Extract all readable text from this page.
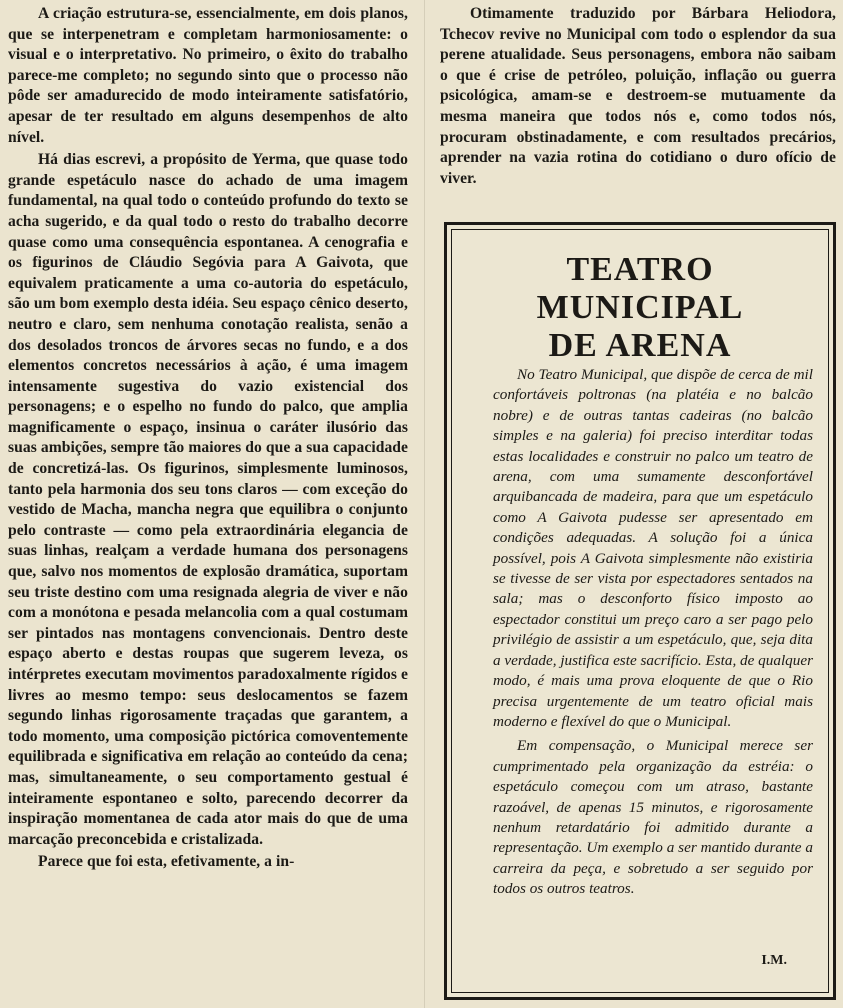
A criação estrutura-se, essencialmente, em dois planos, que se interpenetram e completam harmoniosamente: o visual e o interpretativo. No primeiro, o êxito do trabalho parece-me completo; no segundo sinto que o processo não pôde ser amadurecido de modo inteiramente satisfatório, apesar de ter resultado em alguns desempenhos de alto nível.

Há dias escrevi, a propósito de Yerma, que quase todo grande espetáculo nasce do achado de uma imagem fundamental, na qual todo o conteúdo profundo do texto se acha sugerido, e da qual todo o resto do trabalho decorre quase como uma consequência espontanea. A cenografia e os figurinos de Cláudio Segóvia para A Gaivota, que equivalem praticamente a uma co-autoria do espetáculo, são um bom exemplo desta idéia. Seu espaço cênico deserto, neutro e claro, sem nenhuma conotação realista, senão a dos desolados troncos de árvores secas no fundo, e a dos elementos concretos necessários à ação, é uma imagem intensamente sugestiva do vazio existencial dos personagens; e o espelho no fundo do palco, que amplia magnificamente o espaço, insinua o caráter ilusório das suas ambições, sempre tão maiores do que a sua capacidade de concretizá-las. Os figurinos, simplesmente luminosos, tanto pela harmonia dos seu tons claros — com exceção do vestido de Macha, mancha negra que equilibra o conjunto pelo contraste — como pela extraordinária elegancia de suas linhas, realçam a verdade humana dos personagens que, salvo nos momentos de explosão dramática, suportam seu triste destino com uma resignada alegria de viver e não com a monótona e pesada melancolia com a qual costumam ser pintados nas montagens convencionais. Dentro deste espaço aberto e destas roupas que sugerem leveza, os intérpretes executam movimentos paradoxalmente rígidos e livres ao mesmo tempo: seus deslocamentos se fazem segundo linhas rigorosamente traçadas que garantem, a todo momento, uma composição pictórica comoventemente equilibrada e significativa em relação ao conteúdo da cena; mas, simultaneamente, o seu comportamento gestual é inteiramente espontaneo e solto, parecendo decorrer da inspiração momentanea de cada ator mais do que de uma marcação preconcebida e cristalizada.

Parece que foi esta, efetivamente, a in-

Otimamente traduzido por Bárbara Heliodora, Tchecov revive no Municipal com todo o esplendor da sua perene atualidade. Seus personagens, embora não saibam o que é crise de petróleo, poluição, inflação ou guerra psicológica, amam-se e destroem-se mutuamente da mesma maneira que todos nós e, como todos nós, procuram obstinadamente, e com resultados precários, aprender na vazia rotina do cotidiano o duro ofício de viver.

TEATRO
MUNICIPAL
DE ARENA

No Teatro Municipal, que dispõe de cerca de mil confortáveis poltronas (na platéia e no balcão nobre) e de outras tantas cadeiras (no balcão simples e na galeria) foi preciso interditar todas estas localidades e construir no palco um teatro de arena, com uma sumamente desconfortável arquibancada de madeira, para que um espetáculo como A Gaivota pudesse ser apresentado em condições adequadas. A solução foi a única possível, pois A Gaivota simplesmente não existiria se tivesse de ser vista por espectadores sentados na sala; mas o desconforto físico imposto ao espectador constitui um preço caro a ser pago pelo privilégio de assistir a um espetáculo, que, seja dita a verdade, justifica este sacrifício. Esta, de qualquer modo, é mais uma prova eloquente de que o Rio precisa urgentemente de um teatro oficial mais moderno e flexível do que o Municipal.

Em compensação, o Municipal merece ser cumprimentado pela organização da estréia: o espetáculo começou com um atraso, bastante razoável, de apenas 15 minutos, e rigorosamente nenhum retardatário foi admitido durante a representação. Um exemplo a ser mantido durante a carreira da peça, e sobretudo a ser seguido por todos os outros teatros.

I.M.
